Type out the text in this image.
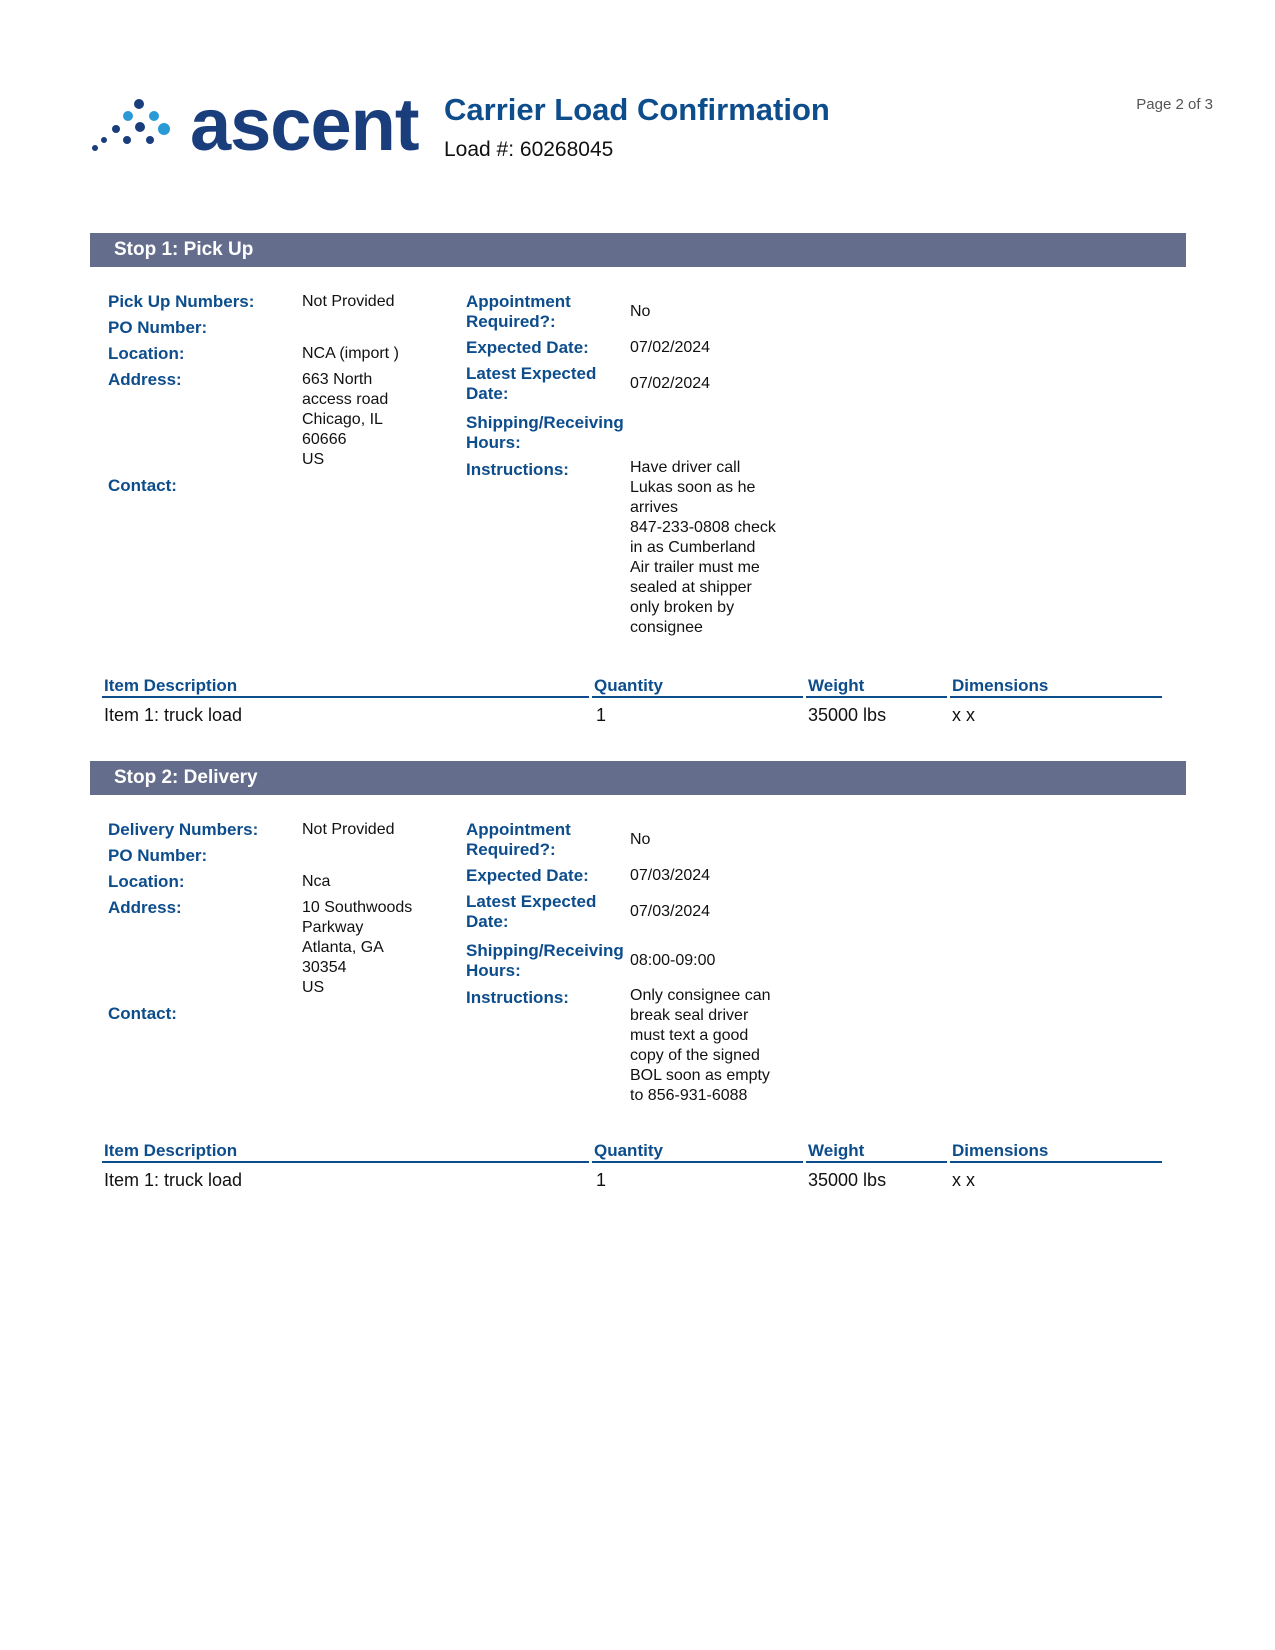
ascent Carrier Load Confirmation
Load #: 60268045
Page 2 of 3
Stop 1: Pick Up
Pick Up Numbers:	Not Provided
PO Number:
Location:	NCA (import )
Address:	663 North
access road
Chicago, IL
60666
US
Contact:
Appointment
Required?:
No
Expected Date:	07/02/2024
Latest Expected
Date:
07/02/2024
Shipping/Receiving
Hours:
Instructions:	Have driver call
Lukas soon as he
arrives
847-233-0808 check
in as Cumberland
Air trailer must me
sealed at shipper
only broken by
consignee
Item Description	Quantity	Weight	Dimensions
Item 1: truck load	1	35000 lbs	x x
Stop 2: Delivery
Delivery Numbers:	Not Provided
PO Number:
Location:	Nca
Address:	10 Southwoods
Parkway
Atlanta, GA
30354
US
Contact:
Appointment
Required?:
No
Expected Date:	07/03/2024
Latest Expected
Date:
07/03/2024
Shipping/Receiving
Hours:
08:00-09:00
Instructions:	Only consignee can
break seal driver
must text a good
copy of the signed
BOL soon as empty
to 856-931-6088
Item Description	Quantity	Weight	Dimensions
Item 1: truck load	1	35000 lbs	x x
